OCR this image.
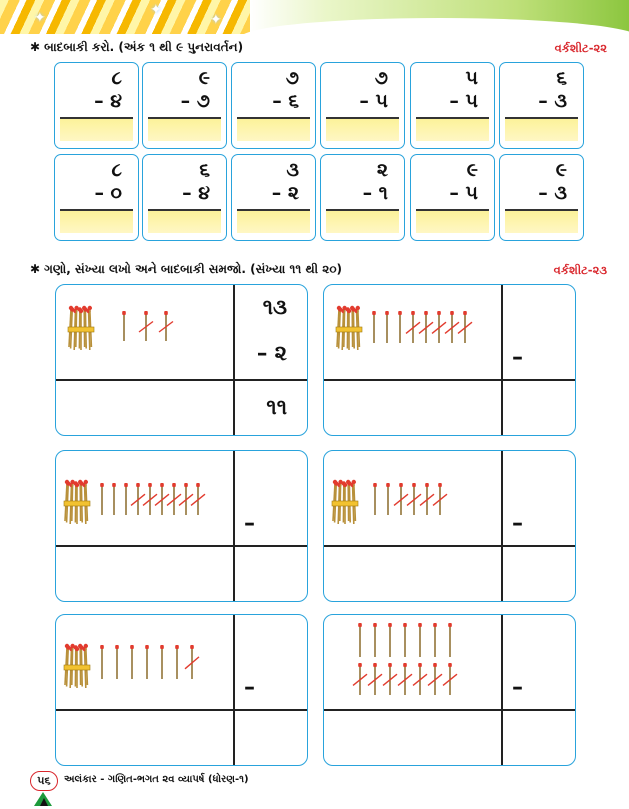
✦	✦
✦
✱ બાદબાકી કરો. (અંક ૧ થી ૯ પુનરાવર્તન)	વર્કશીટ-૨૨
૮
– ૪
૯
– ૭
૭
– ૬
૭
– ૫
૫
– ૫
૬
– ૩
૮
– ૦
૬
– ૪
૩
– ૨
૨
– ૧
૯
– ૫
૯
– ૩
✱ ગણો, સંખ્યા લખો અને બાદબાકી સમજો. (સંખ્યા ૧૧ થી ૨૦)	વર્કશીટ-૨૩
૧૩
– ૨
૧૧
–
–	–
–	–
૫૬	અલંકાર - ગણિત-ભગત ૨વ વ્યાપર્ષ (ધોરણ-૧)
